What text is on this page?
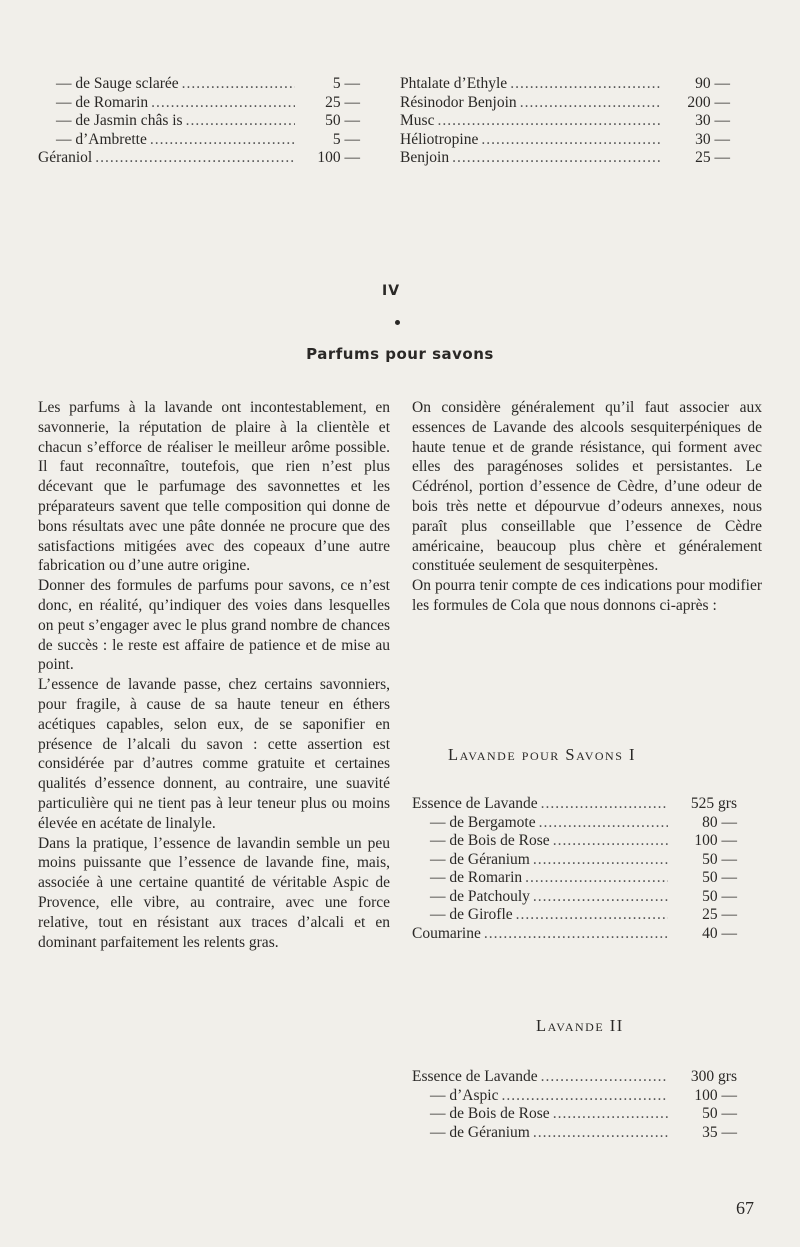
— de Sauge sclarée .....	5 —
— de Romarin .....	25 —
— de Jasmin châs is .....	50 —
— d’Ambrette .....	5 —
Géraniol .....	100 —
Phtalate d’Ethyle .....	90 —
Résinodor Benjoin .....	200 —
Musc .....	30 —
Héliotropine .....	30 —
Benjoin .....	25 —
IV
Parfums pour savons

Les parfums à la lavande ont incontestablement, en savonnerie, la réputation de plaire à la clientèle et chacun s’efforce de réaliser le meilleur arôme possible. Il faut reconnaître, toutefois, que rien n’est plus décevant que le parfumage des savonnettes et les préparateurs savent que telle composition qui donne de bons résultats avec une pâte donnée ne procure que des satisfactions mitigées avec des copeaux d’une autre fabrication ou d’une autre origine.

Donner des formules de parfums pour savons, ce n’est donc, en réalité, qu’indiquer des voies dans lesquelles on peut s’engager avec le plus grand nombre de chances de succès : le reste est affaire de patience et de mise au point.

L’essence de lavande passe, chez certains savonniers, pour fragile, à cause de sa haute teneur en éthers acétiques capables, selon eux, de se saponifier en présence de l’alcali du savon : cette assertion est considérée par d’autres comme gratuite et certaines qualités d’essence donnent, au contraire, une suavité particulière qui ne tient pas à leur teneur plus ou moins élevée en acétate de linalyle.

Dans la pratique, l’essence de lavandin semble un peu moins puissante que l’essence de lavande fine, mais, associée à une certaine quantité de véritable Aspic de Provence, elle vibre, au contraire, avec une force relative, tout en résistant aux traces d’alcali et en dominant parfaitement les relents gras.

On considère généralement qu’il faut associer aux essences de Lavande des alcools sesquiterpéniques de haute tenue et de grande résistance, qui forment avec elles des paragénoses solides et persistantes. Le Cédrénol, portion d’essence de Cèdre, d’une odeur de bois très nette et dépourvue d’odeurs annexes, nous paraît plus conseillable que l’essence de Cèdre américaine, beaucoup plus chère et généralement constituée seulement de sesquiterpènes.

On pourra tenir compte de ces indications pour modifier les formules de Cola que nous donnons ci-après :

Lavande pour Savons I
Essence de Lavande .....	525 grs
— de Bergamote .....	80 —
— de Bois de Rose .....	100 —
— de Géranium .....	50 —
— de Romarin .....	50 —
— de Patchouly .....	50 —
— de Girofle .....	25 —
Coumarine .....	40 —
Lavande II
Essence de Lavande .....	300 grs
— d’Aspic .....	100 —
— de Bois de Rose .....	50 —
— de Géranium .....	35 —
67
